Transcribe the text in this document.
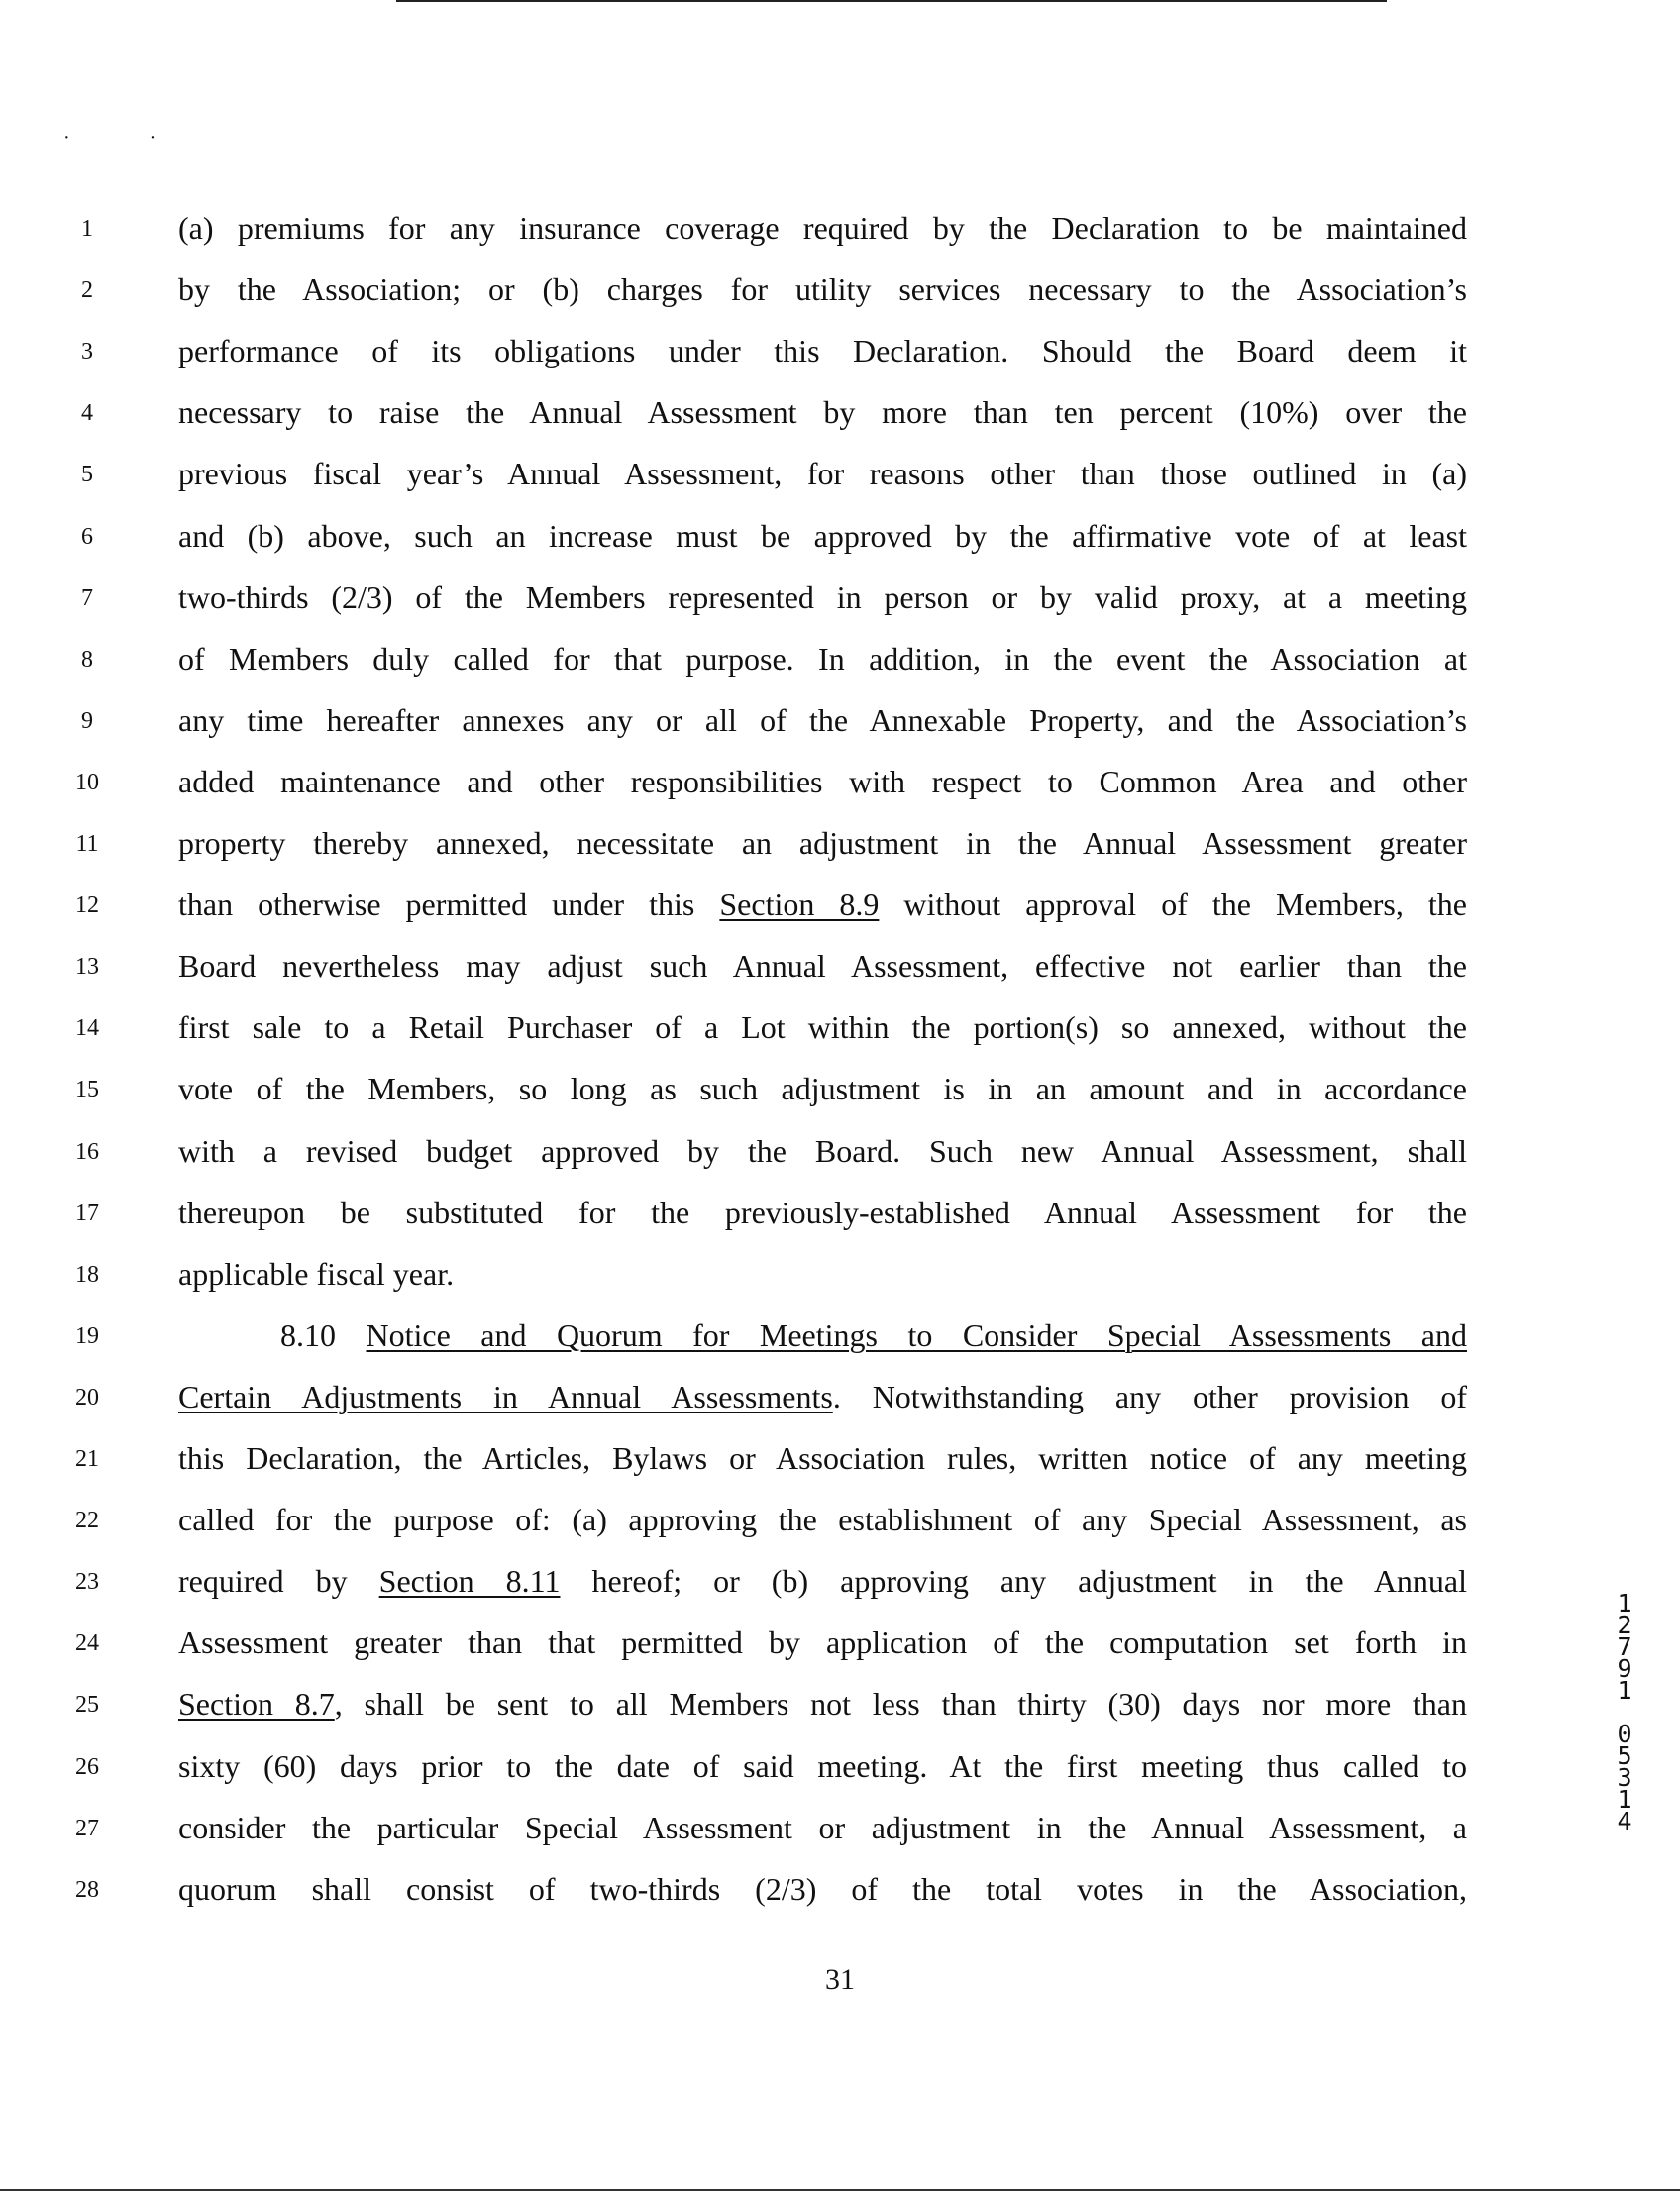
··
1	(a) premiums for any insurance coverage required by the Declaration to be maintained
2	by the Association; or (b) charges for utility services necessary to the Association’s
3	performance of its obligations under this Declaration. Should the Board deem it
4	necessary to raise the Annual Assessment by more than ten percent (10%) over the
5	previous fiscal year’s Annual Assessment, for reasons other than those outlined in (a)
6	and (b) above, such an increase must be approved by the affirmative vote of at least
7	two-thirds (2/3) of the Members represented in person or by valid proxy, at a meeting
8	of Members duly called for that purpose. In addition, in the event the Association at
9	any time hereafter annexes any or all of the Annexable Property, and the Association’s
10	added maintenance and other responsibilities with respect to Common Area and other
11	property thereby annexed, necessitate an adjustment in the Annual Assessment greater
12	than otherwise permitted under this Section 8.9 without approval of the Members, the
13	Board nevertheless may adjust such Annual Assessment, effective not earlier than the
14	first sale to a Retail Purchaser of a Lot within the portion(s) so annexed, without the
15	vote of the Members, so long as such adjustment is in an amount and in accordance
16	with a revised budget approved by the Board. Such new Annual Assessment, shall
17	thereupon be substituted for the previously-established Annual Assessment for the
18	applicable fiscal year.
19	8.10 Notice and Quorum for Meetings to Consider Special Assessments and
20	Certain Adjustments in Annual Assessments. Notwithstanding any other provision of
21	this Declaration, the Articles, Bylaws or Association rules, written notice of any meeting
22	called for the purpose of: (a) approving the establishment of any Special Assessment, as
23	required by Section 8.11 hereof; or (b) approving any adjustment in the Annual
24	Assessment greater than that permitted by application of the computation set forth in
25	Section 8.7, shall be sent to all Members not less than thirty (30) days nor more than
26	sixty (60) days prior to the date of said meeting. At the first meeting thus called to
27	consider the particular Special Assessment or adjustment in the Annual Assessment, a
28	quorum shall consist of two-thirds (2/3) of the total votes in the Association,
31
1
2
7
9
1

0
5
3
1
4
